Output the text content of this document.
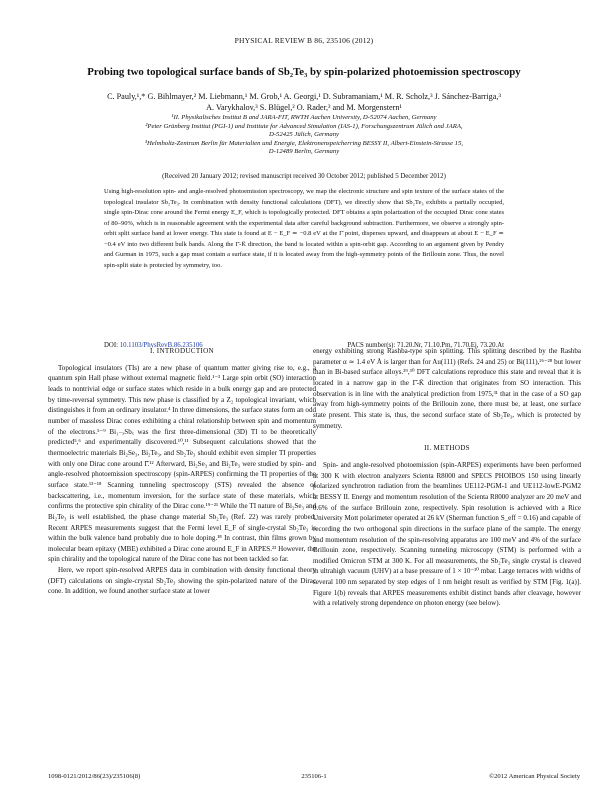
PHYSICAL REVIEW B 86, 235106 (2012)
Probing two topological surface bands of Sb₂Te₃ by spin-polarized photoemission spectroscopy
C. Pauly,¹,* G. Bihlmayer,² M. Liebmann,¹ M. Grob,¹ A. Georgi,¹ D. Subramaniam,¹ M. R. Scholz,³ J. Sánchez-Barriga,³
A. Varykhalov,³ S. Blügel,² O. Rader,³ and M. Morgenstern¹
¹II. Physikalisches Institut B and JARA-FIT, RWTH Aachen University, D-52074 Aachen, Germany
²Peter Grünberg Institut (PGI-1) and Institute for Advanced Simulation (IAS-1), Forschungszentrum Jülich and JARA,
D-52425 Jülich, Germany
³Helmholtz-Zentrum Berlin für Materialien und Energie, Elektronenspeicherring BESSY II, Albert-Einstein-Strasse 15,
D-12489 Berlin, Germany
(Received 20 January 2012; revised manuscript received 30 October 2012; published 5 December 2012)
Using high-resolution spin- and angle-resolved photoemission spectroscopy, we map the electronic structure and spin texture of the surface states of the topological insulator Sb₂Te₃. In combination with density functional calculations (DFT), we directly show that Sb₂Te₃ exhibits a partially occupied, single spin-Dirac cone around the Fermi energy E_F, which is topologically protected. DFT obtains a spin polarization of the occupied Dirac cone states of 80–90%, which is in reasonable agreement with the experimental data after careful background subtraction. Furthermore, we observe a strongly spin-orbit split surface band at lower energy. This state is found at E − E_F ≃ −0.8 eV at the Γ̄ point, disperses upward, and disappears at about E − E_F ≃ −0.4 eV into two different bulk bands. Along the Γ̄-K̄ direction, the band is located within a spin-orbit gap. According to an argument given by Pendry and Gurman in 1975, such a gap must contain a surface state, if it is located away from the high-symmetry points of the Brillouin zone. Thus, the novel spin-split state is protected by symmetry, too.
DOI: 10.1103/PhysRevB.86.235106	PACS number(s): 71.20.Nr, 71.10.Pm, 71.70.Ej, 73.20.At
I. INTRODUCTION

Topological insulators (TIs) are a new phase of quantum matter giving rise to, e.g., a quantum spin Hall phase without external magnetic field.¹⁻³ Large spin orbit (SO) interaction leads to nontrivial edge or surface states which reside in a bulk energy gap and are protected by time-reversal symmetry. This new phase is classified by a Z₂ topological invariant, which distinguishes it from an ordinary insulator.⁴ In three dimensions, the surface states form an odd number of massless Dirac cones exhibiting a chiral relationship between spin and momentum of the electrons.⁵⁻⁹ Bi₁₋ₓSbₓ was the first three-dimensional (3D) TI to be theoretically predicted⁵,⁶ and experimentally discovered.¹⁰,¹¹ Subsequent calculations showed that the thermoelectric materials Bi₂Se₃, Bi₂Te₃, and Sb₂Te₃ should exhibit even simpler TI properties with only one Dirac cone around Γ̄.¹² Afterward, Bi₂Se₃ and Bi₂Te₃ were studied by spin- and angle-resolved photoemission spectroscopy (spin-ARPES) confirming the TI properties of the surface state.¹³⁻¹⁸ Scanning tunneling spectroscopy (STS) revealed the absence of backscattering, i.e., momentum inversion, for the surface state of these materials, which confirms the protective spin chirality of the Dirac cone.¹⁹⁻²¹ While the TI nature of Bi₂Se₃ and Bi₂Te₃ is well established, the phase change material Sb₂Te₃ (Ref. 22) was rarely probed. Recent ARPES measurements suggest that the Fermi level E_F of single-crystal Sb₂Te₃ is within the bulk valence band probably due to hole doping.¹⁸ In contrast, thin films grown by molecular beam epitaxy (MBE) exhibited a Dirac cone around E_F in ARPES.²³ However, the spin chirality and the topological nature of the Dirac cone has not been tackled so far.

Here, we report spin-resolved ARPES data in combination with density functional theory (DFT) calculations on single-crystal Sb₂Te₃ showing the spin-polarized nature of the Dirac cone. In addition, we found another surface state at lower

energy exhibiting strong Rashba-type spin splitting. This splitting described by the Rashba parameter α ≃ 1.4 eV Å is larger than for Au(111) (Refs. 24 and 25) or Bi(111),²⁶⁻²⁸ but lower than in Bi-based surface alloys.²⁹,³⁰ DFT calculations reproduce this state and reveal that it is located in a narrow gap in the Γ̄-K̄ direction that originates from SO interaction. This observation is in line with the analytical prediction from 1975,³¹ that in the case of a SO gap away from high-symmetry points of the Brillouin zone, there must be, at least, one surface state present. This state is, thus, the second surface state of Sb₂Te₃, which is protected by symmetry.

II. METHODS

Spin- and angle-resolved photoemission (spin-ARPES) experiments have been performed at 300 K with electron analyzers Scienta R8000 and SPECS PHOIBOS 150 using linearly polarized synchrotron radiation from the beamlines UE112-PGM-1 and UE112-lowE-PGM2 at BESSY II. Energy and momentum resolution of the Scienta R8000 analyzer are 20 meV and 0.6% of the surface Brillouin zone, respectively. Spin resolution is achieved with a Rice University Mott polarimeter operated at 26 kV (Sherman function S_eff = 0.16) and capable of recording the two orthogonal spin directions in the surface plane of the sample. The energy and momentum resolution of the spin-resolving apparatus are 100 meV and 4% of the surface Brillouin zone, respectively. Scanning tunneling microscopy (STM) is performed with a modified Omicron STM at 300 K. For all measurements, the Sb₂Te₃ single crystal is cleaved in ultrahigh vacuum (UHV) at a base pressure of 1 × 10⁻¹⁰ mbar. Large terraces with widths of several 100 nm separated by step edges of 1 nm height result as verified by STM [Fig. 1(a)]. Figure 1(b) reveals that ARPES measurements exhibit distinct bands after cleavage, however with a relatively strong dependence on photon energy (see below).

1098-0121/2012/86(23)/235106(8)	235106-1	©2012 American Physical Society
